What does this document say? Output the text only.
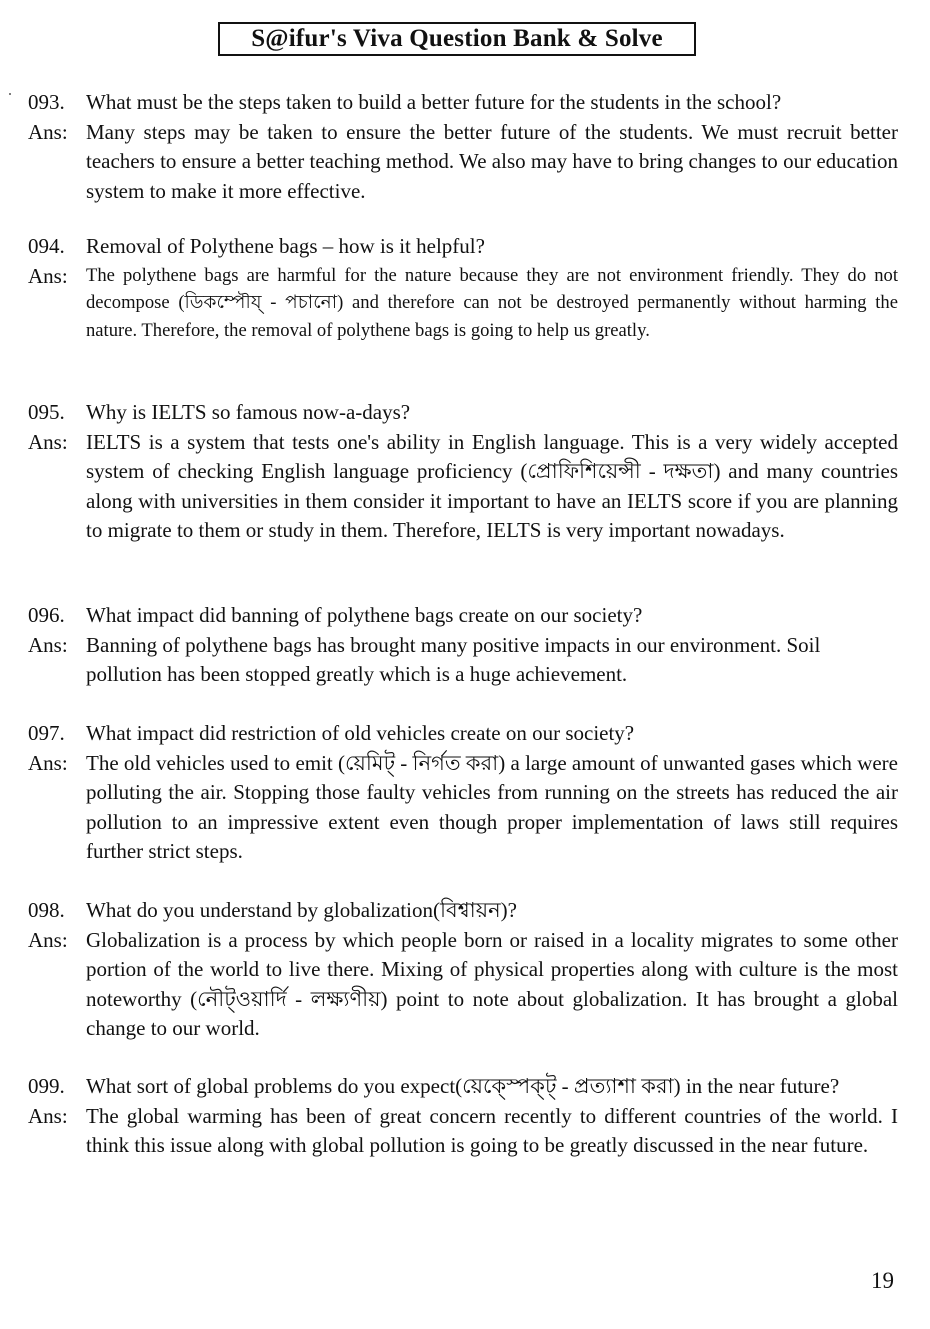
S@ifur's Viva Question Bank & Solve
093.	What must be the steps taken to build a better future for the students in the school?
Ans: Many steps may be taken to ensure the better future of the students. We must recruit better teachers to ensure a better teaching method. We also may have to bring changes to our education system to make it more effective.
094.	Removal of Polythene bags – how is it helpful?
Ans: The polythene bags are harmful for the nature because they are not environment friendly. They do not decompose (ডিকম্পৌয্ - পচানো) and therefore can not be destroyed permanently without harming the nature. Therefore, the removal of polythene bags is going to help us greatly.
095.	Why is IELTS so famous now-a-days?
Ans: IELTS is a system that tests one's ability in English language. This is a very widely accepted system of checking English language proficiency (প্রোফিশিয়েন্সী - দক্ষতা) and many countries along with universities in them consider it important to have an IELTS score if you are planning to migrate to them or study in them. Therefore, IELTS is very important nowadays.
096.	What impact did banning of polythene bags create on our society?
Ans: Banning of polythene bags has brought many positive impacts in our environment. Soil pollution has been stopped greatly which is a huge achievement.
097.	What impact did restriction of old vehicles create on our society?
Ans: The old vehicles used to emit (য়েমিট্ - নির্গত করা) a large amount of unwanted gases which were polluting the air. Stopping those faulty vehicles from running on the streets has reduced the air pollution to an impressive extent even though proper implementation of laws still requires further strict steps.
098.	What do you understand by globalization(বিশ্বায়ন)?
Ans: Globalization is a process by which people born or raised in a locality migrates to some other portion of the world to live there. Mixing of physical properties along with culture is the most noteworthy (নৌট্ওয়ার্দি - লক্ষ্যণীয়) point to note about globalization. It has brought a global change to our world.
099.	What sort of global problems do you expect(য়েক্স্পেক্ট্ - প্রত্যাশা করা) in the near future?
Ans: The global warming has been of great concern recently to different countries of the world. I think this issue along with global pollution is going to be greatly discussed in the near future.
19
